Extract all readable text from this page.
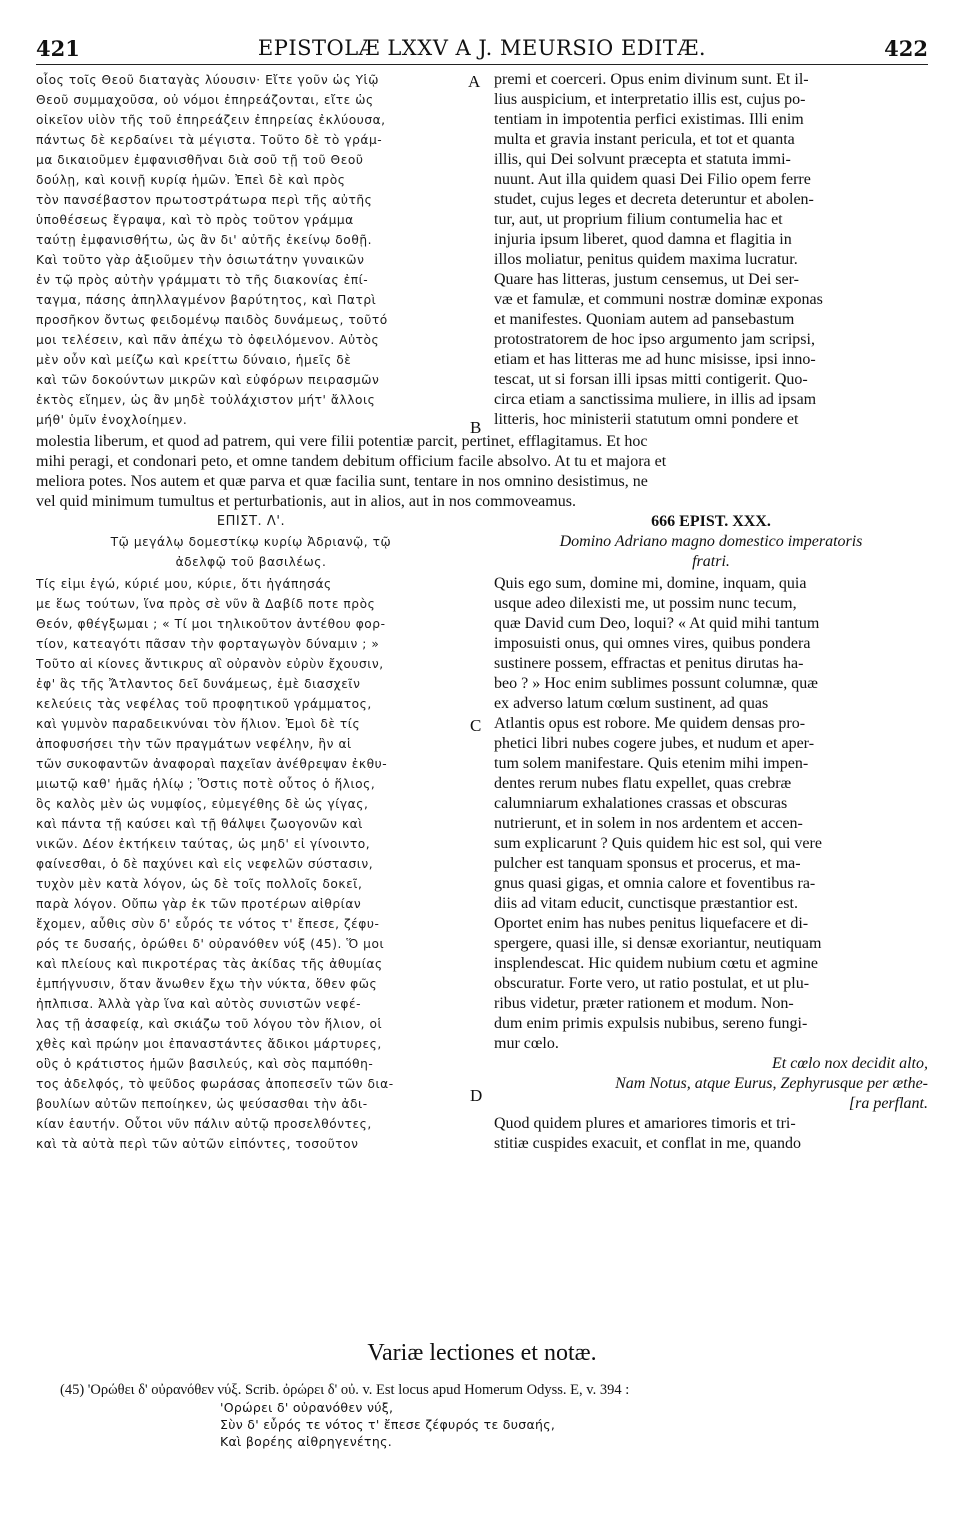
421	EPISTOLÆ LXXV A J. MEURSIO EDITÆ.	422
A
B
C
D
οἷος τοῖς Θεοῦ διαταγὰς λύουσιν· Εἴτε γοῦν ὡς Υἱῷ
Θεοῦ συμμαχοῦσα, οὐ νόμοι ἐπηρεάζονται, εἴτε ὡς
οἰκεῖον υἱὸν τῆς τοῦ ἐπηρεάζειν ἐπηρείας ἐκλύουσα,
πάντως δὲ κερδαίνει τὰ μέγιστα. Τοῦτο δὲ τὸ γράμ-
μα δικαιοῦμεν ἐμφανισθῆναι διὰ σοῦ τῇ τοῦ Θεοῦ
δούλῃ, καὶ κοινῇ κυρίᾳ ἡμῶν. Ἐπεὶ δὲ καὶ πρὸς
τὸν πανσέβαστον πρωτοστράτωρα περὶ τῆς αὐτῆς
ὑποθέσεως ἔγραψα, καὶ τὸ πρὸς τοῦτον γράμμα
ταύτῃ ἐμφανισθήτω, ὡς ἂν δι' αὐτῆς ἐκείνῳ δοθῇ.
Καὶ τοῦτο γὰρ ἀξιοῦμεν τὴν ὁσιωτάτην γυναικῶν
ἐν τῷ πρὸς αὐτὴν γράμματι τὸ τῆς διακονίας ἐπί-
ταγμα, πάσης ἀπηλλαγμένον βαρύτητος, καὶ Πατρὶ
προσῆκον ὄντως φειδομένῳ παιδὸς δυνάμεως, τοῦτό
μοι τελέσειν, καὶ πᾶν ἀπέχω τὸ ὀφειλόμενον. Αὐτὸς
μὲν οὖν καὶ μείζω καὶ κρείττω δύναιο, ἡμεῖς δὲ
καὶ τῶν δοκούντων μικρῶν καὶ εὐφόρων πειρασμῶν
ἐκτὸς εἴημεν, ὡς ἂν μηδὲ τοὐλάχιστον μήτ' ἄλλοις
μήθ' ὑμῖν ἐνοχλοίημεν.
premi et coerceri. Opus enim divinum sunt. Et il-
lius auspicium, et interpretatio illis est, cujus po-
tentiam in impotentia perfici existimas. Illi enim
multa et gravia instant pericula, et tot et quanta
illis, qui Dei solvunt præcepta et statuta immi-
nuunt. Aut illa quidem quasi Dei Filio opem ferre
studet, cujus leges et decreta deteruntur et abolen-
tur, aut, ut proprium filium contumelia hac et
injuria ipsum liberet, quod damna et flagitia in
illos moliatur, penitus quidem maxima lucratur.
Quare has litteras, justum censemus, ut Dei ser-
væ et famulæ, et communi nostræ dominæ exponas
et manifestes. Quoniam autem ad pansebastum
protostratorem de hoc ipso argumento jam scripsi,
etiam et has litteras me ad hunc misisse, ipsi inno-
tescat, ut si forsan illi ipsas mitti contigerit. Quo-
circa etiam a sanctissima muliere, in illis ad ipsam
litteris, hoc ministerii statutum omni pondere et
molestia liberum, et quod ad patrem, qui vere filii potentiæ parcit, pertinet, efflagitamus. Et hoc
mihi peragi, et condonari peto, et omne tandem debitum officium facile absolvo. At tu et majora et
meliora potes. Nos autem et quæ parva et quæ facilia sunt, tentare in nos omnino desistimus, ne
vel quid minimum tumultus et perturbationis, aut in alios, aut in nos commoveamus.
ΕΠΙΣΤ. Λ'.
Τῷ μεγάλῳ δομεστίκῳ κυρίῳ Ἀδριανῷ, τῷ
ἀδελφῷ τοῦ βασιλέως.
666 EPIST. XXX.
Domino Adriano magno domestico imperatoris
fratri.
Τίς εἰμι ἐγώ, κύριέ μου, κύριε, ὅτι ἠγάπησάς
με ἕως τούτων, ἵνα πρὸς σὲ νῦν ἃ Δαβίδ ποτε πρὸς
Θεόν, φθέγξωμαι ; « Τί μοι τηλικοῦτον ἀντέθου φορ-
τίον, κατεαγότι πᾶσαν τὴν φορταγωγὸν δύναμιν ; »
Τοῦτο αἱ κίονες ἄντικρυς αἳ οὐρανὸν εὐρὺν ἔχουσιν,
ἐφ' ἃς τῆς Ἄτλαντος δεῖ δυνάμεως, ἐμὲ διασχεῖν
κελεύεις τὰς νεφέλας τοῦ προφητικοῦ γράμματος,
καὶ γυμνὸν παραδεικνύναι τὸν ἥλιον. Ἐμοὶ δὲ τίς
ἀποφυσήσει τὴν τῶν πραγμάτων νεφέλην, ἣν αἱ
τῶν συκοφαντῶν ἀναφοραὶ παχεῖαν ἀνέθρεψαν ἐκθυ-
μιωτῷ καθ' ἡμᾶς ἡλίῳ ; Ὅστις ποτὲ οὗτος ὁ ἥλιος,
ὃς καλὸς μὲν ὡς νυμφίος, εὐμεγέθης δὲ ὡς γίγας,
καὶ πάντα τῇ καύσει καὶ τῇ θάλψει ζωογονῶν καὶ
νικῶν. Δέον ἐκτήκειν ταύτας, ὡς μηδ' εἰ γίνοιντο,
φαίνεσθαι, ὁ δὲ παχύνει καὶ εἰς νεφελῶν σύστασιν,
τυχὸν μὲν κατὰ λόγον, ὡς δὲ τοῖς πολλοῖς δοκεῖ,
παρὰ λόγον. Οὔπω γὰρ ἐκ τῶν προτέρων αἰθρίαν
ἔχομεν, αὖθις σὺν δ' εὖρός τε νότος τ' ἔπεσε, ζέφυ-
ρός τε δυσαής, ὀρώθει δ' οὐρανόθεν νύξ (45). Ὅ μοι
καὶ πλείους καὶ πικροτέρας τὰς ἀκίδας τῆς ἀθυμίας
ἐμπήγνυσιν, ὅταν ἄνωθεν ἔχω τὴν νύκτα, ὅθεν φῶς
ἠπλπισα. Ἀλλὰ γὰρ ἵνα καὶ αὐτὸς συνιστῶν νεφέ-
λας τῇ ἀσαφείᾳ, καὶ σκιάζω τοῦ λόγου τὸν ἥλιον, οἱ
χθὲς καὶ πρώην μοι ἐπαναστάντες ἄδικοι μάρτυρες,
οὓς ὁ κράτιστος ἡμῶν βασιλεύς, καὶ σὸς παμπόθη-
τος ἀδελφός, τὸ ψεῦδος φωράσας ἀποπεσεῖν τῶν δια-
βουλίων αὐτῶν πεποίηκεν, ὡς ψεύσασθαι τὴν ἀδι-
κίαν ἑαυτήν. Οὗτοι νῦν πάλιν αὐτῷ προσελθόντες,
καὶ τὰ αὐτὰ περὶ τῶν αὐτῶν εἰπόντες, τοσοῦτον
Quis ego sum, domine mi, domine, inquam, quia
usque adeo dilexisti me, ut possim nunc tecum,
quæ David cum Deo, loqui? « At quid mihi tantum
imposuisti onus, qui omnes vires, quibus pondera
sustinere possem, effractas et penitus dirutas ha-
beo ? » Hoc enim sublimes possunt columnæ, quæ
ex adverso latum cœlum sustinent, ad quas
Atlantis opus est robore. Me quidem densas pro-
phetici libri nubes cogere jubes, et nudum et aper-
tum solem manifestare. Quis etenim mihi impen-
dentes rerum nubes flatu expellet, quas crebræ
calumniarum exhalationes crassas et obscuras
nutrierunt, et in solem in nos ardentem et accen-
sum explicarunt ? Quis quidem hic est sol, qui vere
pulcher est tanquam sponsus et procerus, et ma-
gnus quasi gigas, et omnia calore et foventibus ra-
diis ad vitam educit, cunctisque præstantior est.
Oportet enim has nubes penitus liquefacere et di-
spergere, quasi ille, si densæ exoriantur, neutiquam
insplendescat. Hic quidem nubium cœtu et agmine
obscuratur. Forte vero, ut ratio postulat, et ut plu-
ribus videtur, præter rationem et modum. Non-
dum enim primis expulsis nubibus, sereno fungi-
mur cœlo.
Et cœlo nox decidit alto,
Nam Notus, atque Eurus, Zephyrusque per æthe-
[ra perflant.
Quod quidem plures et amariores timoris et tri-
stitiæ cuspides exacuit, et conflat in me, quando
Variæ lectiones et notæ.
(45) 'Ορώθει δ' οὐρανόθεν νύξ. Scrib. ὀρώρει δ' οὐ. v. Est locus apud Homerum Odyss. E, v. 394 :
'Ορώρει δ' οὐρανόθεν νύξ,
Σὺν δ' εὖρός τε νότος τ' ἔπεσε ζέφυρός τε δυσαής,
Καὶ βορέης αἰθρηγενέτης.
